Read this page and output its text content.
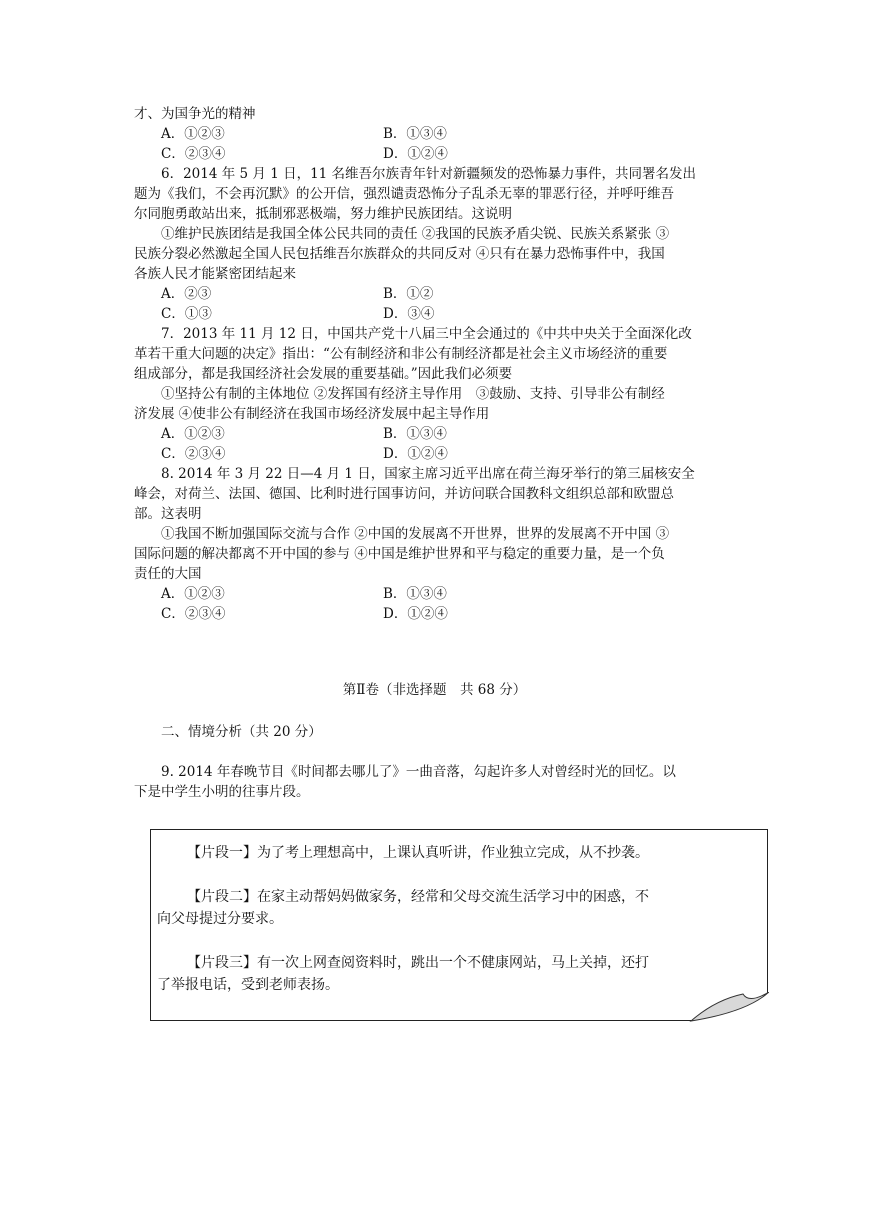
才、为国争光的精神
A．①②③	B．①③④
C．②③④	D．①②④
6．2014 年 5 月 1 日，11 名维吾尔族青年针对新疆频发的恐怖暴力事件，共同署名发出
题为《我们，不会再沉默》的公开信，强烈谴责恐怖分子乱杀无辜的罪恶行径，并呼吁维吾
尔同胞勇敢站出来，抵制邪恶极端，努力维护民族团结。这说明
①维护民族团结是我国全体公民共同的责任 ②我国的民族矛盾尖锐、民族关系紧张 ③
民族分裂必然激起全国人民包括维吾尔族群众的共同反对 ④只有在暴力恐怖事件中，我国
各族人民才能紧密团结起来
A．②③	B．①②
C．①③	D．③④
7．2013 年 11 月 12 日，中国共产党十八届三中全会通过的《中共中央关于全面深化改
革若干重大问题的决定》指出：“公有制经济和非公有制经济都是社会主义市场经济的重要
组成部分，都是我国经济社会发展的重要基础。”因此我们必须要
①坚持公有制的主体地位 ②发挥国有经济主导作用　③鼓励、支持、引导非公有制经
济发展 ④使非公有制经济在我国市场经济发展中起主导作用
A．①②③	B．①③④
C．②③④	D．①②④
8. 2014 年 3 月 22 日—4 月 1 日，国家主席习近平出席在荷兰海牙举行的第三届核安全
峰会，对荷兰、法国、德国、比利时进行国事访问，并访问联合国教科文组织总部和欧盟总
部。这表明
①我国不断加强国际交流与合作 ②中国的发展离不开世界，世界的发展离不开中国 ③
国际问题的解决都离不开中国的参与 ④中国是维护世界和平与稳定的重要力量，是一个负
责任的大国
A．①②③	B．①③④
C．②③④	D．①②④
第Ⅱ卷（非选择题　共 68 分）
二、情境分析（共 20 分）
9. 2014 年春晚节目《时间都去哪儿了》一曲音落，勾起许多人对曾经时光的回忆。以
下是中学生小明的往事片段。
【片段一】为了考上理想高中，上课认真听讲，作业独立完成，从不抄袭。
【片段二】在家主动帮妈妈做家务，经常和父母交流生活学习中的困惑，不
向父母提过分要求。
【片段三】有一次上网查阅资料时，跳出一个不健康网站，马上关掉，还打
了举报电话，受到老师表扬。
